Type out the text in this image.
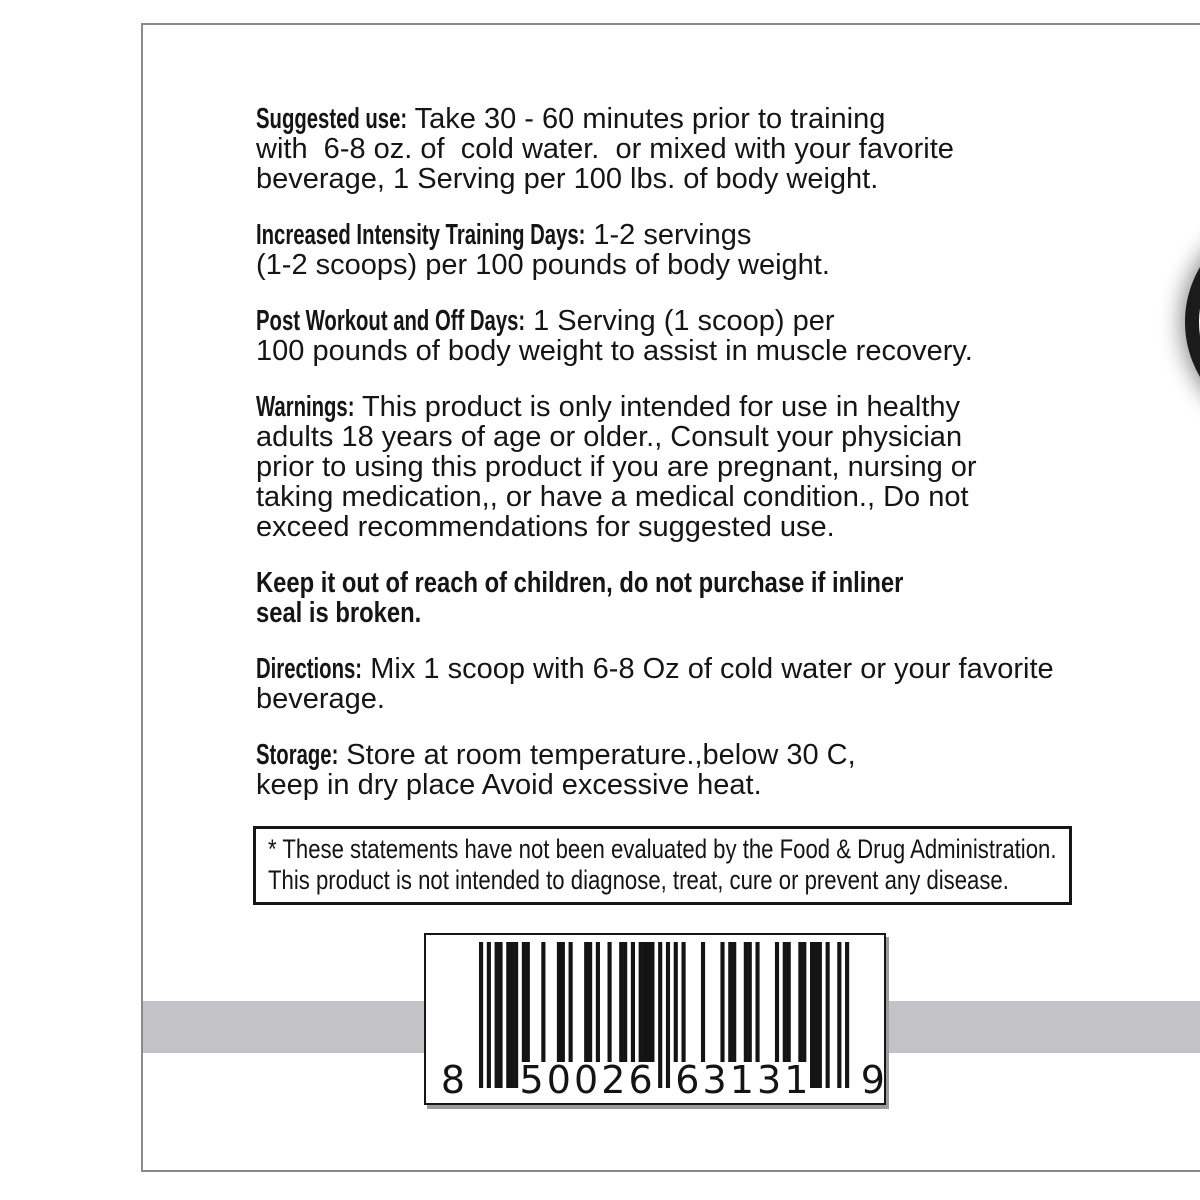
Suggested use: Take 30 - 60 minutes prior to training
with  6-8 oz. of  cold water.  or mixed with your favorite
beverage, 1 Serving per 100 lbs. of body weight.

Increased Intensity Training Days: 1-2 servings
(1-2 scoops) per 100 pounds of body weight.

Post Workout and Off Days: 1 Serving (1 scoop) per
100 pounds of body weight to assist in muscle recovery.

Warnings: This product is only intended for use in healthy
adults 18 years of age or older., Consult your physician
prior to using this product if you are pregnant, nursing or
taking medication,, or have a medical condition., Do not
exceed recommendations for suggested use.

Keep it out of reach of children, do not purchase if inliner
seal is broken.

Directions: Mix 1 scoop with 6-8 Oz of cold water or your favorite
beverage.

Storage: Store at room temperature.,below 30 C,
keep in dry place Avoid excessive heat.

* These statements have not been evaluated by the Food & Drug Administration.
This product is not intended to diagnose, treat, cure or prevent any disease.
8 5 0 0 2 6 6 3 1 3 1 9
